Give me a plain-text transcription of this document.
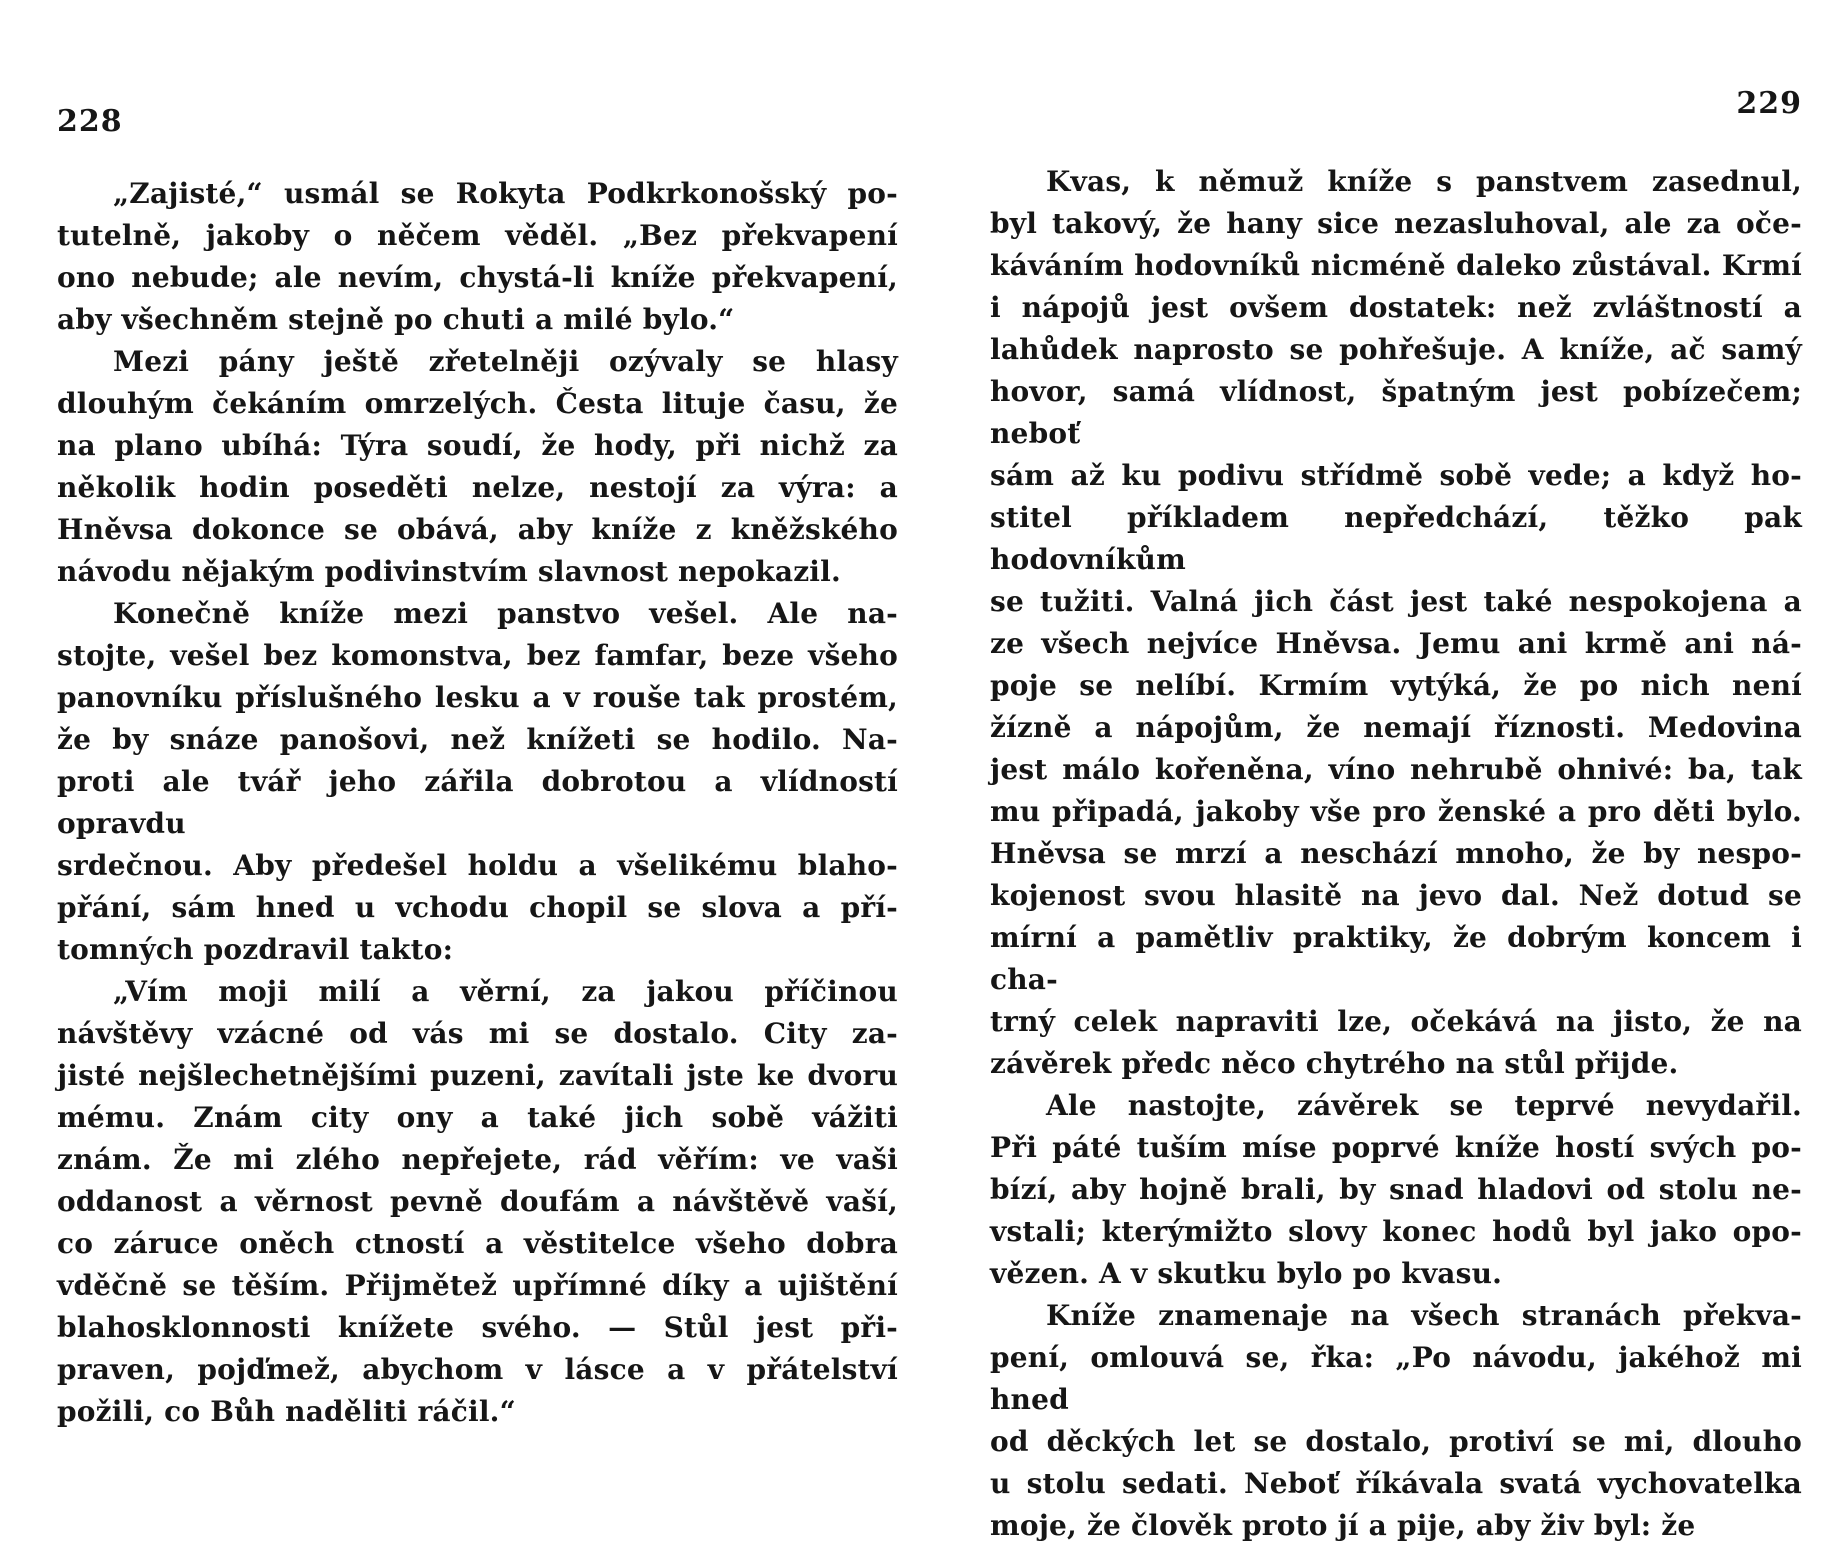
228
„Zajisté,“ usmál se Rokyta Podkrkonošský po-
tutelně, jakoby o něčem věděl. „Bez překvapení
ono nebude; ale nevím, chystá-li kníže překvapení,
aby všechněm stejně po chuti a milé bylo.“
Mezi pány ještě zřetelněji ozývaly se hlasy
dlouhým čekáním omrzelých. Česta lituje času, že
na plano ubíhá: Týra soudí, že hody, při nichž za
několik hodin poseděti nelze, nestojí za výra: a
Hněvsa dokonce se obává, aby kníže z kněžského
návodu nějakým podivinstvím slavnost nepokazil.
Konečně kníže mezi panstvo vešel. Ale na-
stojte, vešel bez komonstva, bez famfar, beze všeho
panovníku příslušného lesku a v rouše tak prostém,
že by snáze panošovi, než knížeti se hodilo. Na-
proti ale tvář jeho zářila dobrotou a vlídností opravdu
srdečnou. Aby předešel holdu a všelikému blaho-
přání, sám hned u vchodu chopil se slova a pří-
tomných pozdravil takto:
„Vím moji milí a věrní, za jakou příčinou
návštěvy vzácné od vás mi se dostalo. City za-
jisté nejšlechetnějšími puzeni, zavítali jste ke dvoru
mému. Znám city ony a také jich sobě vážiti
znám. Že mi zlého nepřejete, rád věřím: ve vaši
oddanost a věrnost pevně doufám a návštěvě vaší,
co záruce oněch ctností a věstitelce všeho dobra
vděčně se těším. Přijmětež upřímné díky a ujištění
blahosklonnosti knížete svého. — Stůl jest při-
praven, pojďmež, abychom v lásce a v přátelství
požili, co Bůh naděliti ráčil.“
229
Kvas, k němuž kníže s panstvem zasednul,
byl takový, že hany sice nezasluhoval, ale za oče-
káváním hodovníků nicméně daleko zůstával. Krmí
i nápojů jest ovšem dostatek: než zvláštností a
lahůdek naprosto se pohřešuje. A kníže, ač samý
hovor, samá vlídnost, špatným jest pobízečem; neboť
sám až ku podivu střídmě sobě vede; a když ho-
stitel příkladem nepředchází, těžko pak hodovníkům
se tužiti. Valná jich část jest také nespokojena a
ze všech nejvíce Hněvsa. Jemu ani krmě ani ná-
poje se nelíbí. Krmím vytýká, že po nich není
žízně a nápojům, že nemají říznosti. Medovina
jest málo kořeněna, víno nehrubě ohnivé: ba, tak
mu připadá, jakoby vše pro ženské a pro děti bylo.
Hněvsa se mrzí a neschází mnoho, že by nespo-
kojenost svou hlasitě na jevo dal. Než dotud se
mírní a pamětliv praktiky, že dobrým koncem i cha-
trný celek napraviti lze, očekává na jisto, že na
závěrek předc něco chytrého na stůl přijde.
Ale nastojte, závěrek se teprvé nevydařil.
Při páté tuším míse poprvé kníže hostí svých po-
bízí, aby hojně brali, by snad hladovi od stolu ne-
vstali; kterýmižto slovy konec hodů byl jako opo-
vězen. A v skutku bylo po kvasu.
Kníže znamenaje na všech stranách překva-
pení, omlouvá se, řka: „Po návodu, jakéhož mi hned
od děckých let se dostalo, protiví se mi, dlouho
u stolu sedati. Neboť říkávala svatá vychovatelka
moje, že člověk proto jí a pije, aby živ byl: že
